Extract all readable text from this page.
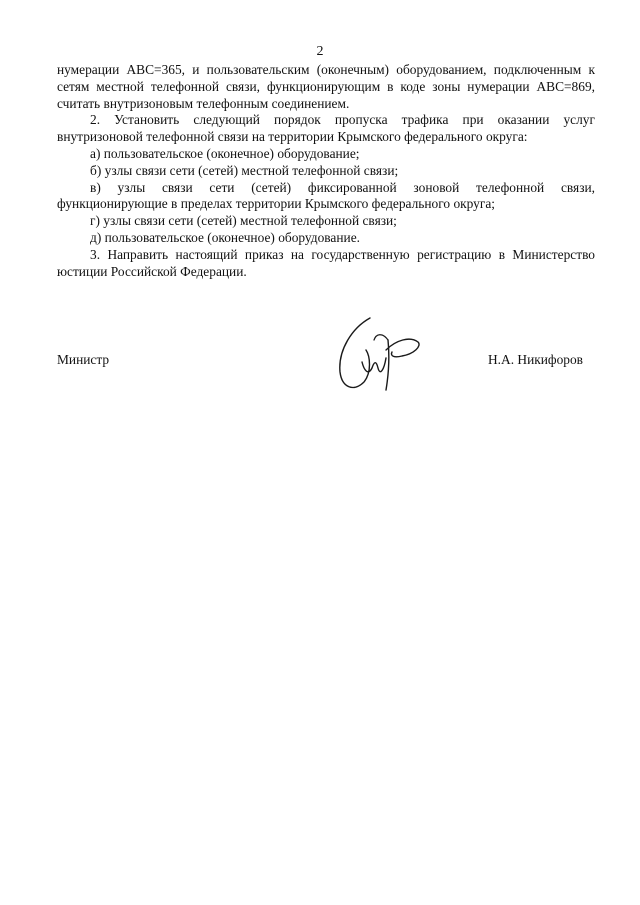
2

нумерации АВС=365, и пользовательским (оконечным) оборудованием, подключенным к сетям местной телефонной связи, функционирующим в коде зоны нумерации АВС=869, считать внутризоновым телефонным соединением.

2. Установить следующий порядок пропуска трафика при оказании услуг внутризоновой телефонной связи на территории Крымского федерального округа:

а) пользовательское (оконечное) оборудование;

б) узлы связи сети (сетей) местной телефонной связи;

в) узлы связи сети (сетей) фиксированной зоновой телефонной связи, функционирующие в пределах территории Крымского федерального округа;

г) узлы связи сети (сетей) местной телефонной связи;

д) пользовательское (оконечное) оборудование.

3. Направить настоящий приказ на государственную регистрацию в Министерство юстиции Российской Федерации.

Министр	Н.А. Никифоров
